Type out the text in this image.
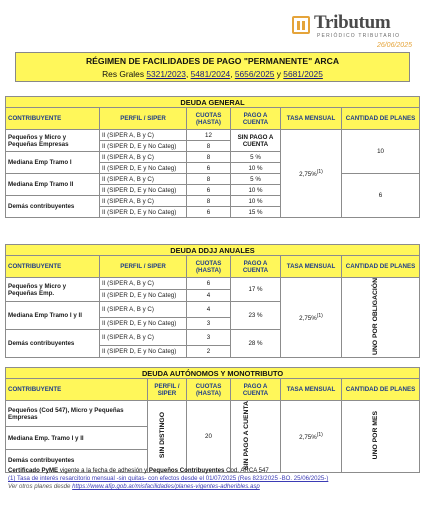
Tributum
PERIÓDICO TRIBUTARIO
26/06/2025
RÉGIMEN DE FACILIDADES DE PAGO "PERMANENTE" ARCA
Res Grales 5321/2023, 5481/2024, 5656/2025 y 5681/2025
DEUDA GENERAL					
CONTRIBUYENTE	PERFIL / SIPER	CUOTAS (HASTA)	PAGO A CUENTA	TASA MENSUAL	CANTIDAD DE PLANES
Pequeños y Micro y Pequeñas Empresas	II (SIPER A, B y C)	12	SIN PAGO A CUENTA	2,75%$^{(1)}$	10
	II (SIPER D, E y No Categ)	8			
Mediana Emp Tramo I	II (SIPER A, B y C)	8	5 %		
	II (SIPER D, E y No Categ)	6	10 %		
Mediana Emp Tramo II	II (SIPER A, B y C)	8	5 %		6
	II (SIPER D, E y No Categ)	6	10 %		
Demás contribuyentes	II (SIPER A, B y C)	8	10 %		
	II (SIPER D, E y No Categ)	6	15 %		
DEUDA DDJJ ANUALES					
CONTRIBUYENTE	PERFIL / SIPER	CUOTAS (HASTA)	PAGO A CUENTA	TASA MENSUAL	CANTIDAD DE PLANES
Pequeños y Micro y Pequeñas Emp.	II (SIPER A, B y C)	6	17 %	2,75%$^{(1)}$	UNO POR OBLIGACIÓN
	II (SIPER D, E y No Categ)	4			
Mediana Emp Tramo I y II	II (SIPER A, B y C)	4	23 %		
	II (SIPER D, E y No Categ)	3			
Demás contribuyentes	II (SIPER A, B y C)	3	28 %		
	II (SIPER D, E y No Categ)	2			
DEUDA AUTÓNOMOS Y MONOTRIBUTO					
CONTRIBUYENTE	PERFIL / SIPER	CUOTAS (HASTA)	PAGO A CUENTA	TASA MENSUAL	CANTIDAD DE PLANES
Pequeños (Cod 547), Micro y Pequeñas Empresas	SIN DISTINGO	20	SIN PAGO A CUENTA	2,75%$^{(1)}$	UNO POR MES
Mediana Emp. Tramo I y II					
Demás contribuyentes					
Certificado PyME vigente a la fecha de adhesión y Pequeños Contribuyentes Cod. ARCA 547
(1) Tasa de interés resarcitorio mensual -sin quitas- con efectos desde el 01/07/2025 (Res 823/2025 -BO. 25/06/2025-)
Ver otros planes desde https://www.afip.gob.ar/misfacilidades/planes-vigentes-adheribles.asp
